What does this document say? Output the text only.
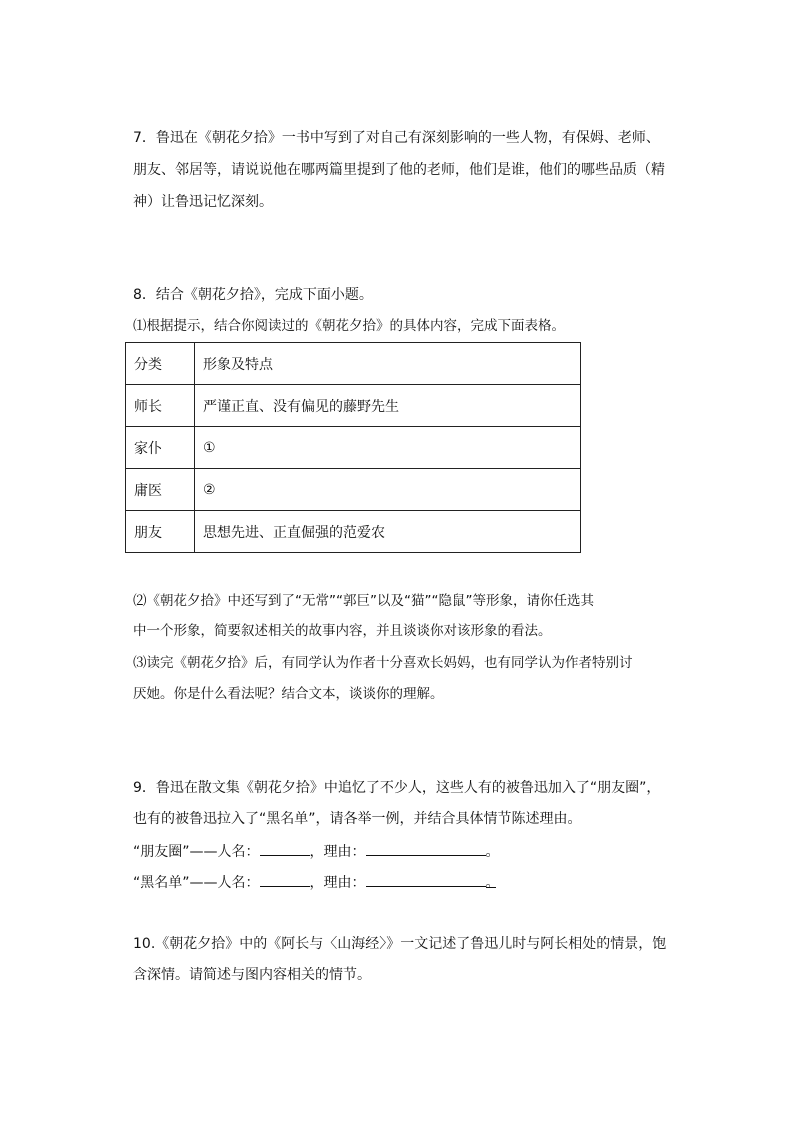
7．鲁迅在《朝花夕拾》一书中写到了对自己有深刻影响的一些人物，有保姆、老师、
朋友、邻居等，请说说他在哪两篇里提到了他的老师，他们是谁，他们的哪些品质（精
神）让鲁迅记忆深刻。
8．结合《朝花夕拾》，完成下面小题。
⑴根据提示，结合你阅读过的《朝花夕拾》的具体内容，完成下面表格。
分类	形象及特点
师长	严谨正直、没有偏见的藤野先生
家仆	①
庸医	②
朋友	思想先进、正直倔强的范爱农
⑵《朝花夕拾》中还写到了“无常”“郭巨”以及“猫”“隐鼠”等形象，请你任选其
中一个形象，简要叙述相关的故事内容，并且谈谈你对该形象的看法。
⑶读完《朝花夕拾》后，有同学认为作者十分喜欢长妈妈，也有同学认为作者特别讨
厌她。你是什么看法呢？结合文本，谈谈你的理解。
9．鲁迅在散文集《朝花夕拾》中追忆了不少人，这些人有的被鲁迅加入了“朋友圈”，
也有的被鲁迅拉入了“黑名单”，请各举一例，并结合具体情节陈述理由。
“朋友圈”——人名：	，理由：	。
“黑名单”——人名：	，理由：	。
10.《朝花夕拾》中的《阿长与〈山海经〉》一文记述了鲁迅儿时与阿长相处的情景，饱
含深情。请简述与图内容相关的情节。
